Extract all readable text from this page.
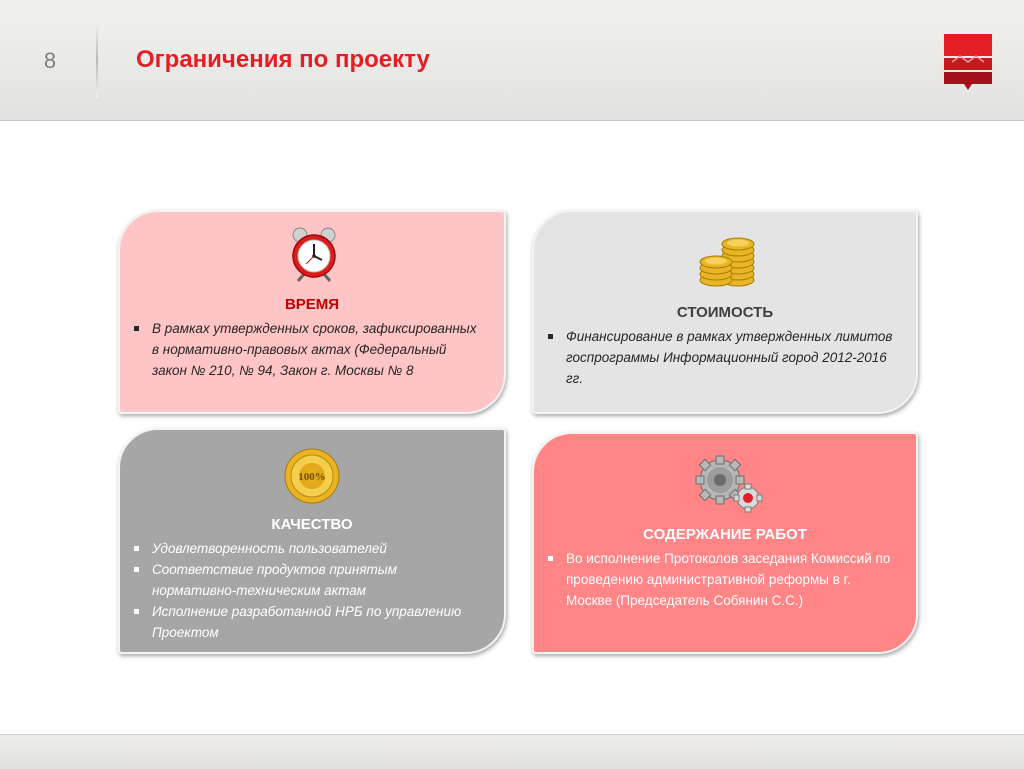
8	Ограничения по проекту
ВРЕМЯ
В рамках утвержденных сроков, зафиксированных в нормативно-правовых актах (Федеральный закон № 210, № 94, Закон г. Москвы № 8
СТОИМОСТЬ
Финансирование в рамках утвержденных лимитов госпрограммы Информационный город 2012-2016 гг.
100%
КАЧЕСТВО
Удовлетворенность пользователей
Соответствие продуктов принятым нормативно-техническим актам
Исполнение разработанной НРБ по управлению Проектом
СОДЕРЖАНИЕ РАБОТ
Во исполнение Протоколов заседания Комиссий по проведению административной реформы в г. Москве (Председатель Собянин С.С.)
